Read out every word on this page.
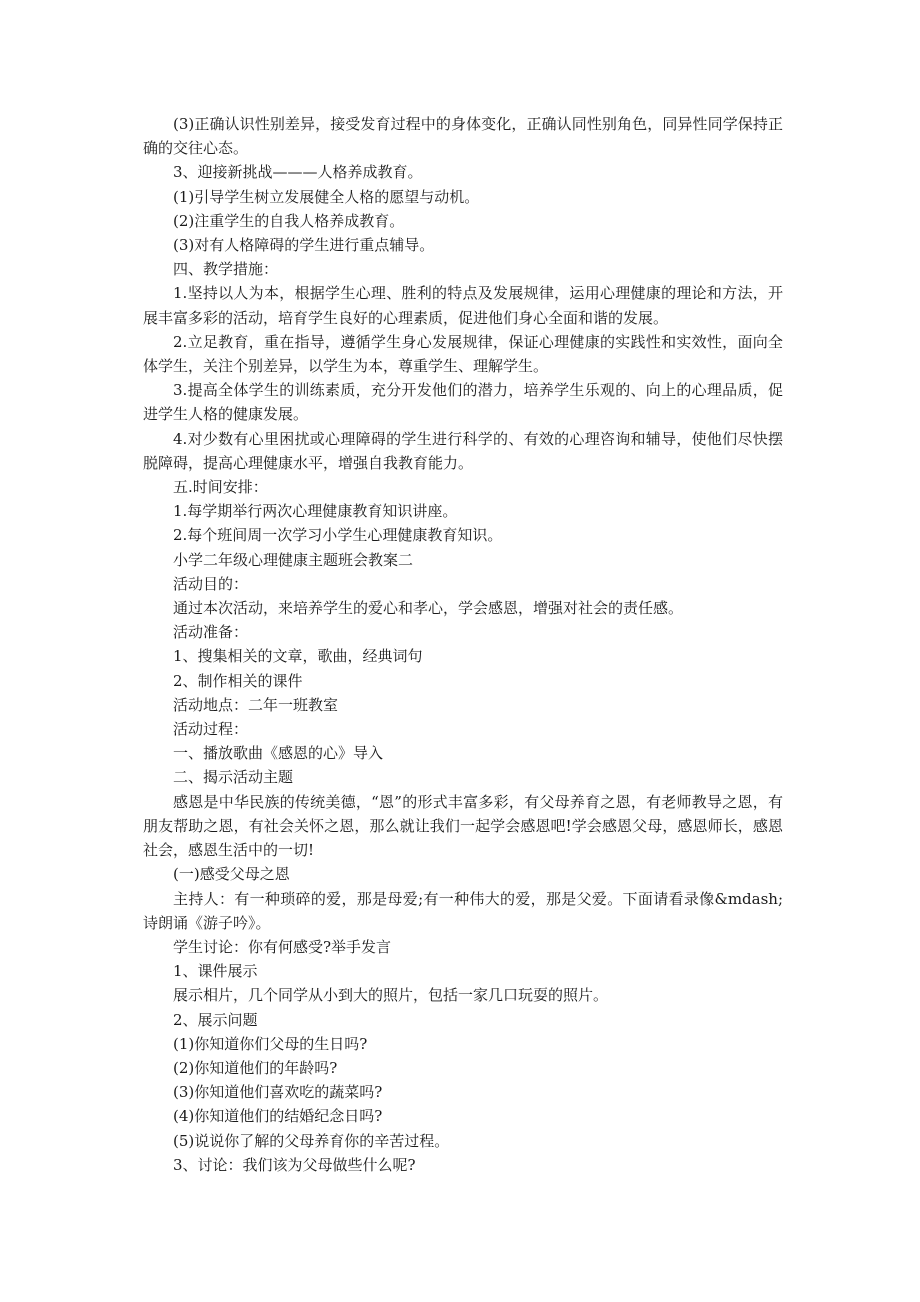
(3)正确认识性别差异，接受发育过程中的身体变化，正确认同性别角色，同异性同学保持正确的交往心态。

3、迎接新挑战———人格养成教育。

(1)引导学生树立发展健全人格的愿望与动机。

(2)注重学生的自我人格养成教育。

(3)对有人格障碍的学生进行重点辅导。

四、教学措施：

1.坚持以人为本，根据学生心理、胜利的特点及发展规律，运用心理健康的理论和方法，开展丰富多彩的活动，培育学生良好的心理素质，促进他们身心全面和谐的发展。

2.立足教育，重在指导，遵循学生身心发展规律，保证心理健康的实践性和实效性，面向全体学生，关注个别差异，以学生为本，尊重学生、理解学生。

3.提高全体学生的训练素质，充分开发他们的潜力，培养学生乐观的、向上的心理品质，促进学生人格的健康发展。

4.对少数有心里困扰或心理障碍的学生进行科学的、有效的心理咨询和辅导，使他们尽快摆脱障碍，提高心理健康水平，增强自我教育能力。

五.时间安排：

1.每学期举行两次心理健康教育知识讲座。

2.每个班间周一次学习小学生心理健康教育知识。

小学二年级心理健康主题班会教案二

活动目的：

通过本次活动，来培养学生的爱心和孝心，学会感恩，增强对社会的责任感。

活动准备：

1、搜集相关的文章，歌曲，经典词句

2、制作相关的课件

活动地点：二年一班教室

活动过程：

一、播放歌曲《感恩的心》导入

二、揭示活动主题

感恩是中华民族的传统美德，“恩”的形式丰富多彩，有父母养育之恩，有老师教导之恩，有朋友帮助之恩，有社会关怀之恩，那么就让我们一起学会感恩吧!学会感恩父母，感恩师长，感恩社会，感恩生活中的一切!

(一)感受父母之恩

主持人：有一种琐碎的爱，那是母爱;有一种伟大的爱，那是父爱。下面请看录像&mdash;诗朗诵《游子吟》。

学生讨论：你有何感受?举手发言

1、课件展示

展示相片，几个同学从小到大的照片，包括一家几口玩耍的照片。

2、展示问题

(1)你知道你们父母的生日吗?

(2)你知道他们的年龄吗?

(3)你知道他们喜欢吃的蔬菜吗?

(4)你知道他们的结婚纪念日吗?

(5)说说你了解的父母养育你的辛苦过程。

3、讨论：我们该为父母做些什么呢?
